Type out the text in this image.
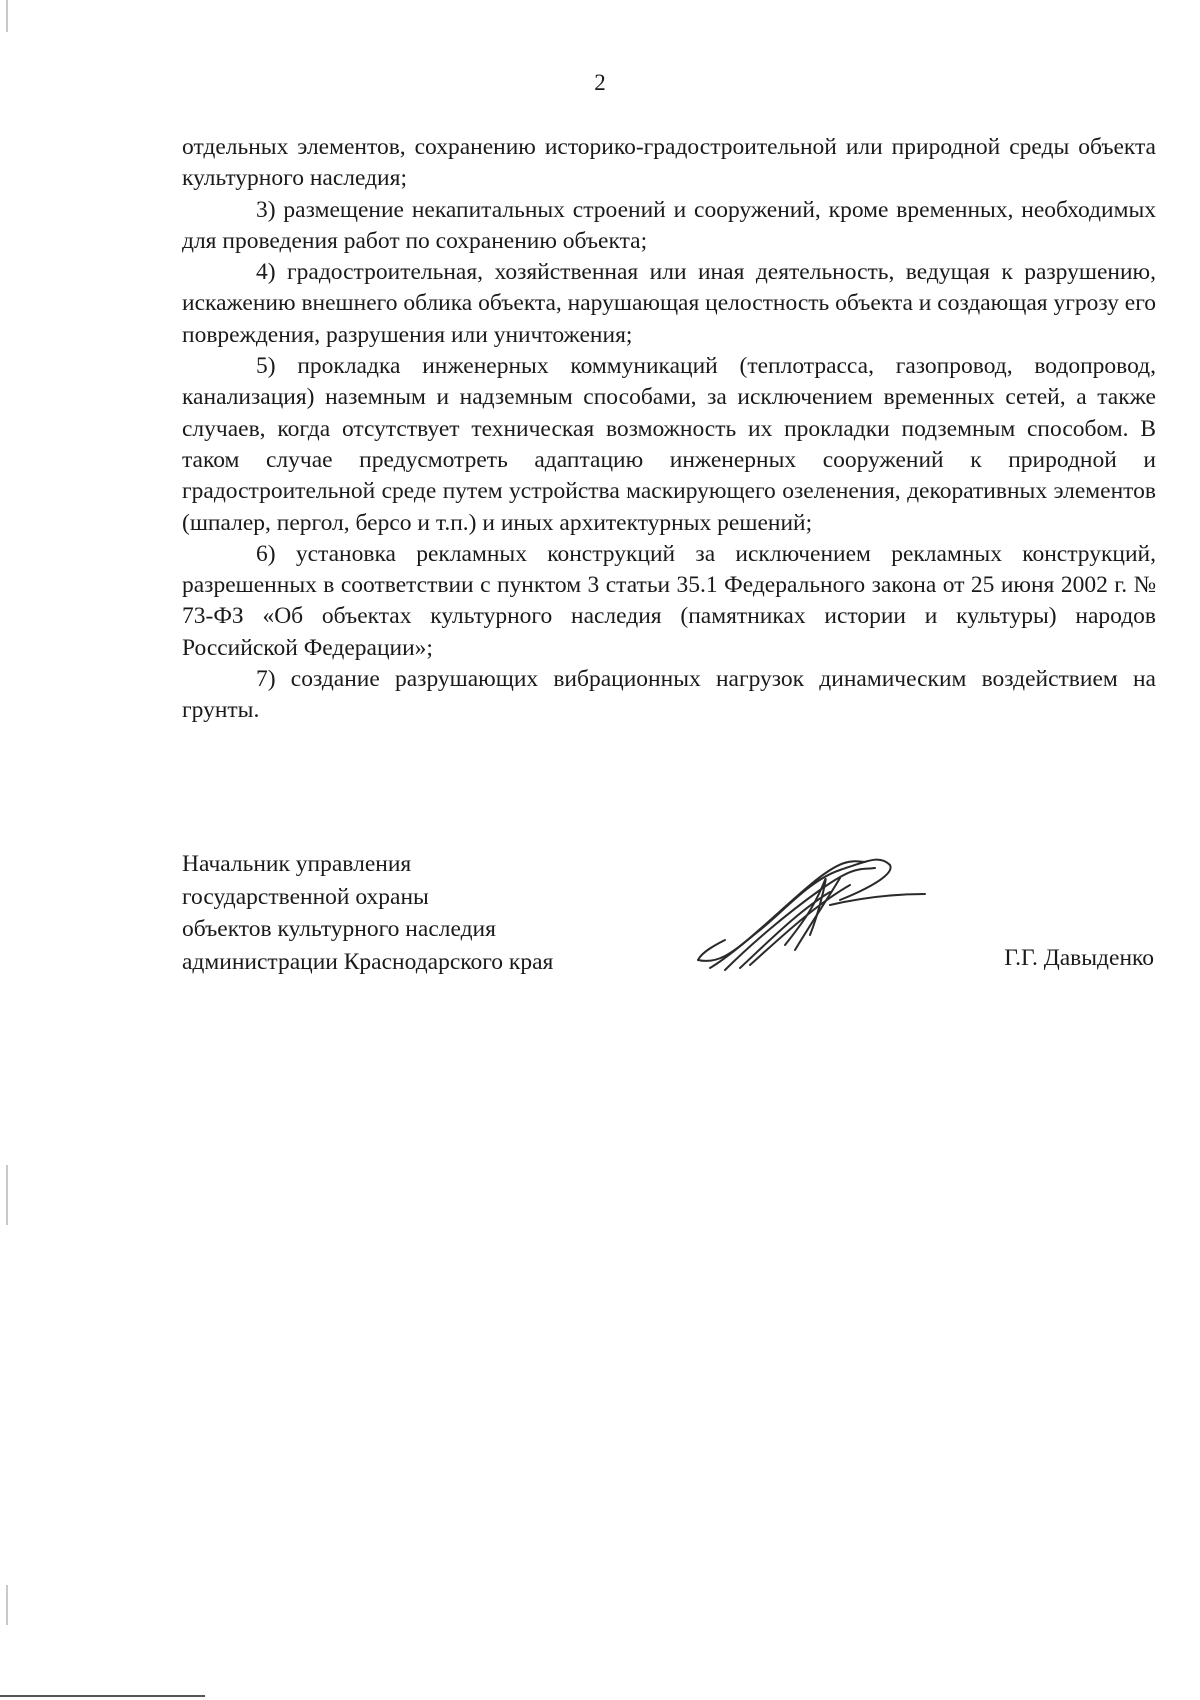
2

отдельных элементов, сохранению историко-градостроительной или природной среды объекта культурного наследия;

3) размещение некапитальных строений и сооружений, кроме временных, необходимых для проведения работ по сохранению объекта;

4) градостроительная, хозяйственная или иная деятельность, ведущая к разрушению, искажению внешнего облика объекта, нарушающая целостность объекта и создающая угрозу его повреждения, разрушения или уничтожения;

5) прокладка инженерных коммуникаций (теплотрасса, газопровод, водопровод, канализация) наземным и надземным способами, за исключением временных сетей, а также случаев, когда отсутствует техническая возможность их прокладки подземным способом. В таком случае предусмотреть адаптацию инженерных сооружений к природной и градостроительной среде путем устройства маскирующего озеленения, декоративных элементов (шпалер, пергол, берсо и т.п.) и иных архитектурных решений;

6) установка рекламных конструкций за исключением рекламных конструкций, разрешенных в соответствии с пунктом 3 статьи 35.1 Федерального закона от 25 июня 2002 г. № 73-ФЗ «Об объектах культурного наследия (памятниках истории и культуры) народов Российской Федерации»;

7) создание разрушающих вибрационных нагрузок динамическим воздействием на грунты.

Начальник управления
государственной охраны
объектов культурного наследия
администрации Краснодарского края	Г.Г. Давыденко
